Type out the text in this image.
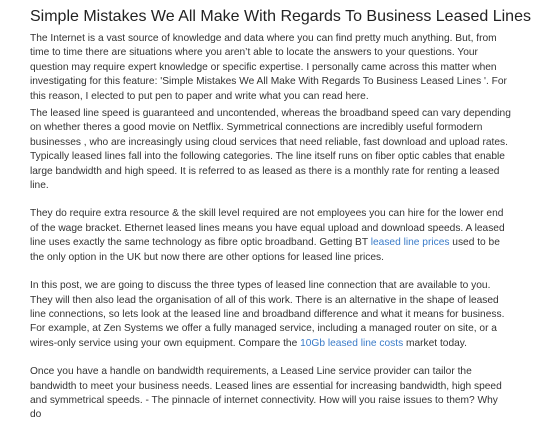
Simple Mistakes We All Make With Regards To Business Leased Lines

The Internet is a vast source of knowledge and data where you can find pretty much anything. But, from time to time there are situations where you aren’t able to locate the answers to your questions. Your question may require expert knowledge or specific expertise. I personally came across this matter when investigating for this feature: 'Simple Mistakes We All Make With Regards To Business Leased Lines '. For this reason, I elected to put pen to paper and write what you can read here.

The leased line speed is guaranteed and uncontended, whereas the broadband speed can vary depending on whether theres a good movie on Netflix. Symmetrical connections are incredibly useful formodern businesses , who are increasingly using cloud services that need reliable, fast download and upload rates. Typically leased lines fall into the following categories. The line itself runs on fiber optic cables that enable large bandwidth and high speed. It is referred to as leased as there is a monthly rate for renting a leased line.

They do require extra resource & the skill level required are not employees you can hire for the lower end of the wage bracket. Ethernet leased lines means you have equal upload and download speeds. A leased line uses exactly the same technology as fibre optic broadband. Getting BT leased line prices used to be the only option in the UK but now there are other options for leased line prices.

In this post, we are going to discuss the three types of leased line connection that are available to you. They will then also lead the organisation of all of this work. There is an alternative in the shape of leased line connections, so lets look at the leased line and broadband difference and what it means for business. For example, at Zen Systems we offer a fully managed service, including a managed router on site, or a wires-only service using your own equipment. Compare the 10Gb leased line costs market today.

Once you have a handle on bandwidth requirements, a Leased Line service provider can tailor the bandwidth to meet your business needs. Leased lines are essential for increasing bandwidth, high speed and symmetrical speeds. - The pinnacle of internet connectivity. How will you raise issues to them? Why do
